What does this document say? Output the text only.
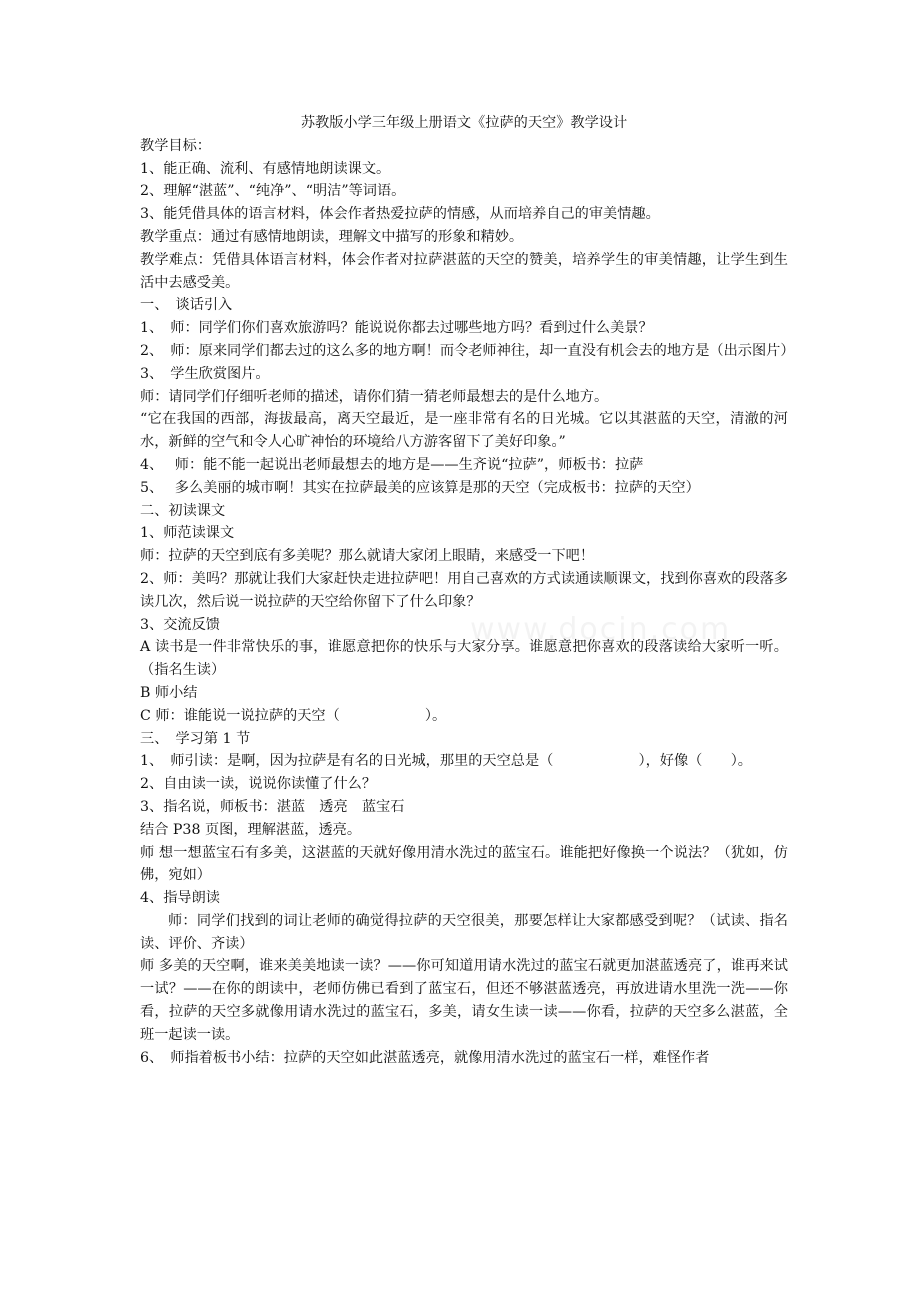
苏教版小学三年级上册语文《拉萨的天空》教学设计
教学目标：
1、能正确、流利、有感情地朗读课文。
2、理解“湛蓝”、“纯净”、“明洁”等词语。
3、能凭借具体的语言材料，体会作者热爱拉萨的情感，从而培养自己的审美情趣。
教学重点：通过有感情地朗读，理解文中描写的形象和精妙。
教学难点：凭借具体语言材料，体会作者对拉萨湛蓝的天空的赞美，培养学生的审美情趣，让学生到生活中去感受美。
一、　谈话引入
1、　师：同学们你们喜欢旅游吗？能说说你都去过哪些地方吗？看到过什么美景？
2、　师：原来同学们都去过的这么多的地方啊！而令老师神往，却一直没有机会去的地方是（出示图片）
3、　学生欣赏图片。
师：请同学们仔细听老师的描述，请你们猜一猜老师最想去的是什么地方。
“它在我国的西部，海拔最高，离天空最近，是一座非常有名的日光城。它以其湛蓝的天空，清澈的河水，新鲜的空气和令人心旷神怡的环境给八方游客留下了美好印象。”
4、　 师：能不能一起说出老师最想去的地方是——生齐说“拉萨”，师板书：拉萨
5、　 多么美丽的城市啊！其实在拉萨最美的应该算是那的天空（完成板书：拉萨的天空）
二、初读课文
1、师范读课文
师：拉萨的天空到底有多美呢？那么就请大家闭上眼睛，来感受一下吧！
2、师：美吗？那就让我们大家赶快走进拉萨吧！用自己喜欢的方式读通读顺课文，找到你喜欢的段落多读几次，然后说一说拉萨的天空给你留下了什么印象？
3、交流反馈
A 读书是一件非常快乐的事，谁愿意把你的快乐与大家分享。谁愿意把你喜欢的段落读给大家听一听。（指名生读）
B 师小结
C 师：谁能说一说拉萨的天空（　　　　　　）。
三、　学习第 1 节
1、　师引读：是啊，因为拉萨是有名的日光城，那里的天空总是（　　　　　　），好像（　　）。
2、自由读一读，说说你读懂了什么？
3、指名说，师板书：湛蓝　透亮　蓝宝石
结合 P38 页图，理解湛蓝，透亮。
师 想一想蓝宝石有多美，这湛蓝的天就好像用清水洗过的蓝宝石。谁能把好像换一个说法？（犹如，仿佛，宛如）
4、指导朗读
师：同学们找到的词让老师的确觉得拉萨的天空很美，那要怎样让大家都感受到呢？（试读、指名读、评价、齐读）
师 多美的天空啊，谁来美美地读一读？——你可知道用请水洗过的蓝宝石就更加湛蓝透亮了，谁再来试一试？——在你的朗读中，老师仿佛已看到了蓝宝石，但还不够湛蓝透亮，再放进请水里洗一洗——你看，拉萨的天空多就像用请水洗过的蓝宝石，多美，请女生读一读——你看，拉萨的天空多么湛蓝，全班一起读一读。
6、　师指着板书小结：拉萨的天空如此湛蓝透亮，就像用清水洗过的蓝宝石一样，难怪作者
